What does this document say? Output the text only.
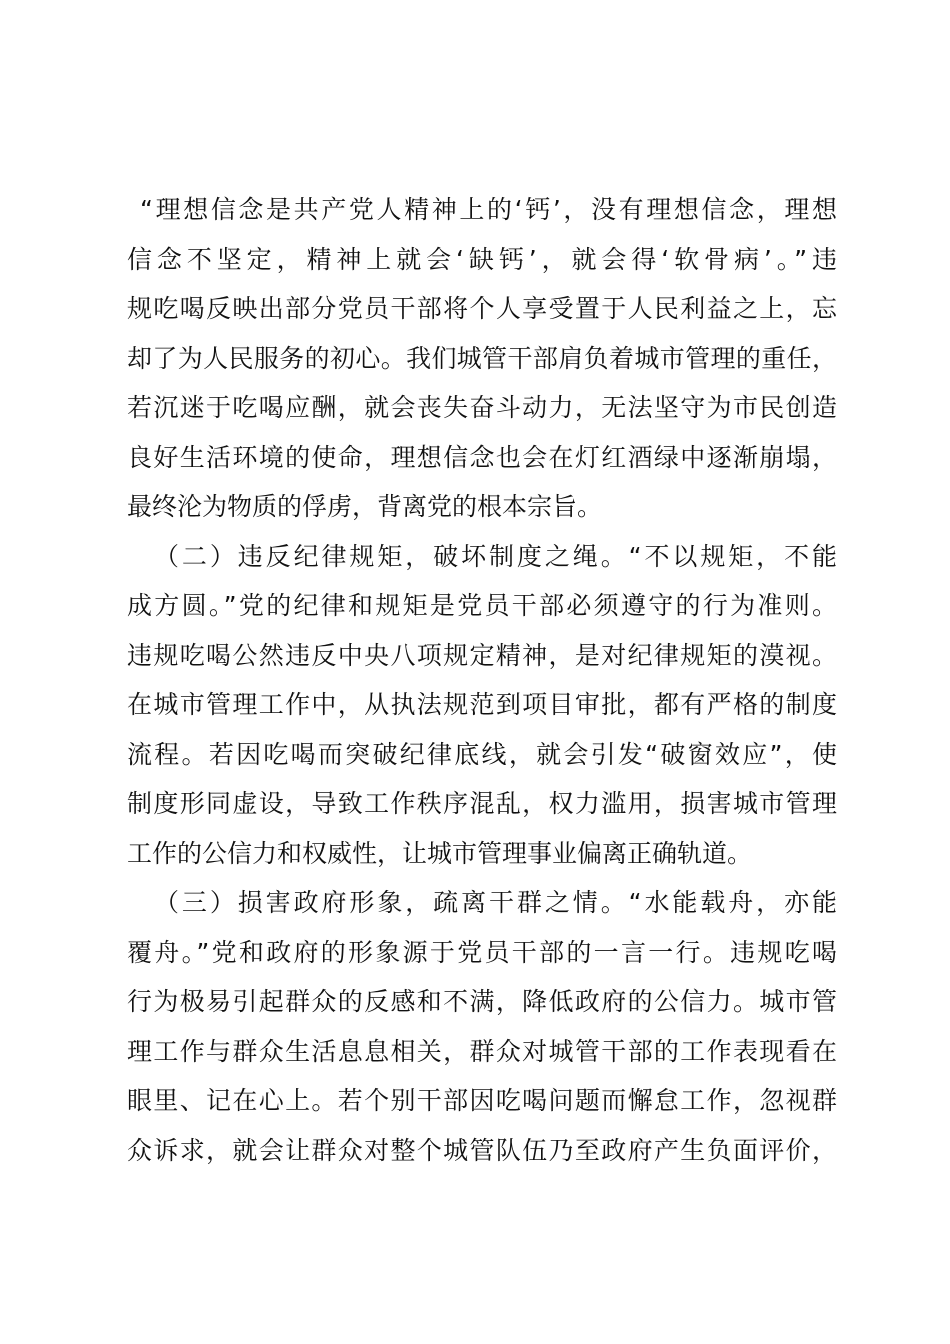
“理想信念是共产党人精神上的‘钙’，没有理想信念，理想
信念不坚定，精神上就会‘缺钙’，就会得‘软骨病’。”违
规吃喝反映出部分党员干部将个人享受置于人民利益之上，忘
却了为人民服务的初心。我们城管干部肩负着城市管理的重任，
若沉迷于吃喝应酬，就会丧失奋斗动力，无法坚守为市民创造
良好生活环境的使命，理想信念也会在灯红酒绿中逐渐崩塌，
最终沦为物质的俘虏，背离党的根本宗旨。
（二）违反纪律规矩，破坏制度之绳。“不以规矩，不能
成方圆。”党的纪律和规矩是党员干部必须遵守的行为准则。
违规吃喝公然违反中央八项规定精神，是对纪律规矩的漠视。
在城市管理工作中，从执法规范到项目审批，都有严格的制度
流程。若因吃喝而突破纪律底线，就会引发“破窗效应”，使
制度形同虚设，导致工作秩序混乱，权力滥用，损害城市管理
工作的公信力和权威性，让城市管理事业偏离正确轨道。
（三）损害政府形象，疏离干群之情。“水能载舟，亦能
覆舟。”党和政府的形象源于党员干部的一言一行。违规吃喝
行为极易引起群众的反感和不满，降低政府的公信力。城市管
理工作与群众生活息息相关，群众对城管干部的工作表现看在
眼里、记在心上。若个别干部因吃喝问题而懈怠工作，忽视群
众诉求，就会让群众对整个城管队伍乃至政府产生负面评价，
